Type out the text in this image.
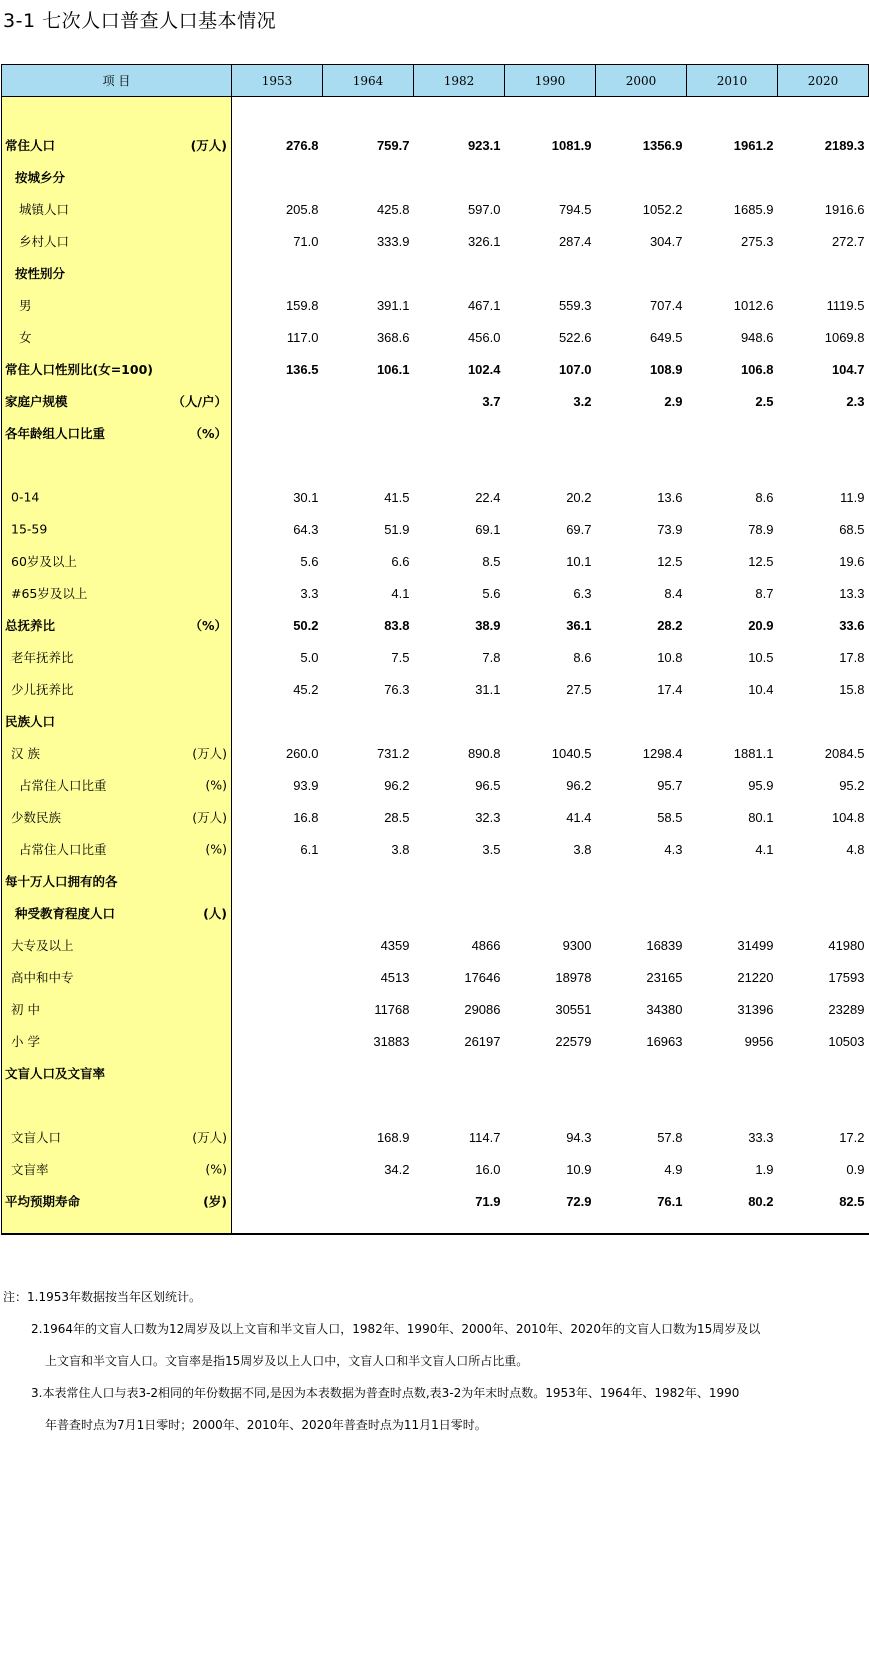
3-1 七次人口普查人口基本情况
项 目	1953	1964	1982	1990	2000	2010	2020

常住人口 (万人)	276.8	759.7	923.1	1081.9	1356.9	1961.2	2189.3

按城乡分							

城镇人口	205.8	425.8	597.0	794.5	1052.2	1685.9	1916.6

乡村人口	71.0	333.9	326.1	287.4	304.7	275.3	272.7

按性别分							

男	159.8	391.1	467.1	559.3	707.4	1012.6	1119.5

女	117.0	368.6	456.0	522.6	649.5	948.6	1069.8

常住人口性别比(女=100)	136.5	106.1	102.4	107.0	108.9	106.8	104.7

家庭户规模 （人/户）			3.7	3.2	2.9	2.5	2.3

各年龄组人口比重 （%）							

0-14	30.1	41.5	22.4	20.2	13.6	8.6	11.9

15-59	64.3	51.9	69.1	69.7	73.9	78.9	68.5

60岁及以上	5.6	6.6	8.5	10.1	12.5	12.5	19.6

#65岁及以上	3.3	4.1	5.6	6.3	8.4	8.7	13.3

总抚养比 （%）	50.2	83.8	38.9	36.1	28.2	20.9	33.6

老年抚养比	5.0	7.5	7.8	8.6	10.8	10.5	17.8

少儿抚养比	45.2	76.3	31.1	27.5	17.4	10.4	15.8

民族人口							

汉 族 (万人)	260.0	731.2	890.8	1040.5	1298.4	1881.1	2084.5

占常住人口比重 (%)	93.9	96.2	96.5	96.2	95.7	95.9	95.2

少数民族 (万人)	16.8	28.5	32.3	41.4	58.5	80.1	104.8

占常住人口比重 (%)	6.1	3.8	3.5	3.8	4.3	4.1	4.8

每十万人口拥有的各							

种受教育程度人口 (人)							

大专及以上		4359	4866	9300	16839	31499	41980

高中和中专		4513	17646	18978	23165	21220	17593

初 中		11768	29086	30551	34380	31396	23289

小 学		31883	26197	22579	16963	9956	10503

文盲人口及文盲率							

文盲人口 (万人)		168.9	114.7	94.3	57.8	33.3	17.2

文盲率 (%)		34.2	16.0	10.9	4.9	1.9	0.9

平均预期寿命 (岁)			71.9	72.9	76.1	80.2	82.5

注：1.1953年数据按当年区划统计。
2.1964年的文盲人口数为12周岁及以上文盲和半文盲人口，1982年、1990年、2000年、2010年、2020年的文盲人口数为15周岁及以
上文盲和半文盲人口。文盲率是指15周岁及以上人口中，文盲人口和半文盲人口所占比重。
3.本表常住人口与表3-2相同的年份数据不同,是因为本表数据为普查时点数,表3-2为年末时点数。1953年、1964年、1982年、1990
年普查时点为7月1日零时；2000年、2010年、2020年普查时点为11月1日零时。
